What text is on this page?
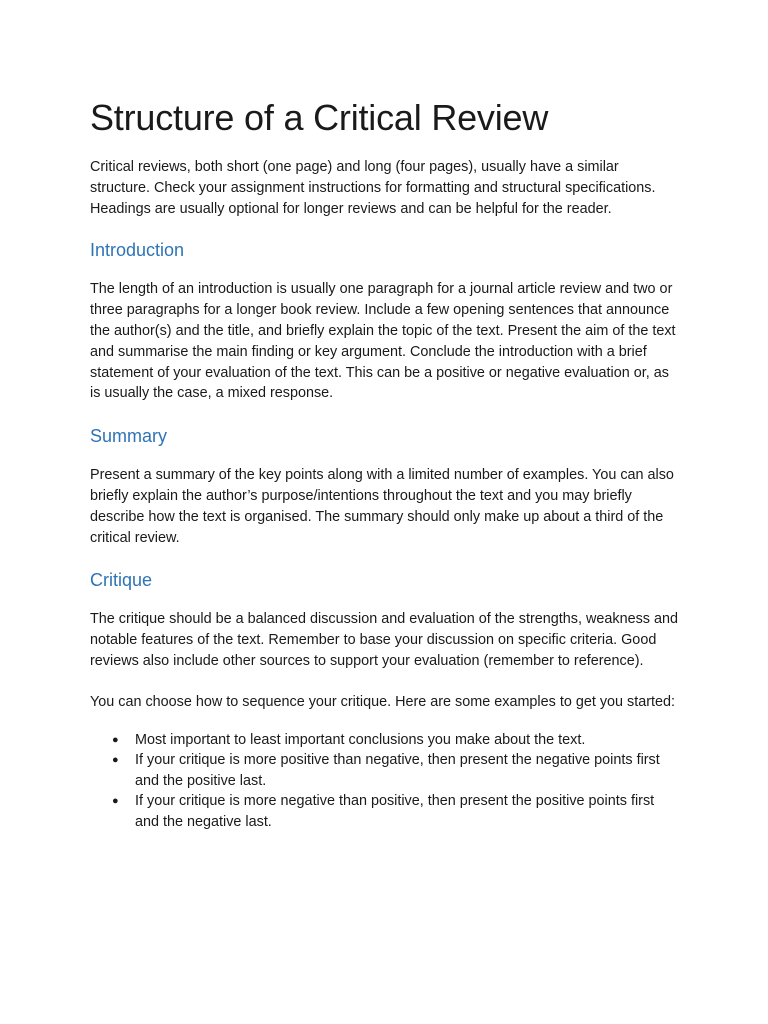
Structure of a Critical Review

Critical reviews, both short (one page) and long (four pages), usually have a similar structure. Check your assignment instructions for formatting and structural specifications. Headings are usually optional for longer reviews and can be helpful for the reader.

Introduction

The length of an introduction is usually one paragraph for a journal article review and two or three paragraphs for a longer book review. Include a few opening sentences that announce the author(s) and the title, and briefly explain the topic of the text. Present the aim of the text and summarise the main finding or key argument. Conclude the introduction with a brief statement of your evaluation of the text. This can be a positive or negative evaluation or, as is usually the case, a mixed response.

Summary

Present a summary of the key points along with a limited number of examples. You can also briefly explain the author’s purpose/intentions throughout the text and you may briefly describe how the text is organised. The summary should only make up about a third of the critical review.

Critique

The critique should be a balanced discussion and evaluation of the strengths, weakness and notable features of the text. Remember to base your discussion on specific criteria. Good reviews also include other sources to support your evaluation (remember to reference).

You can choose how to sequence your critique. Here are some examples to get you started:

● Most important to least important conclusions you make about the text.
● If your critique is more positive than negative, then present the negative points first and the positive last.
● If your critique is more negative than positive, then present the positive points first and the negative last.
